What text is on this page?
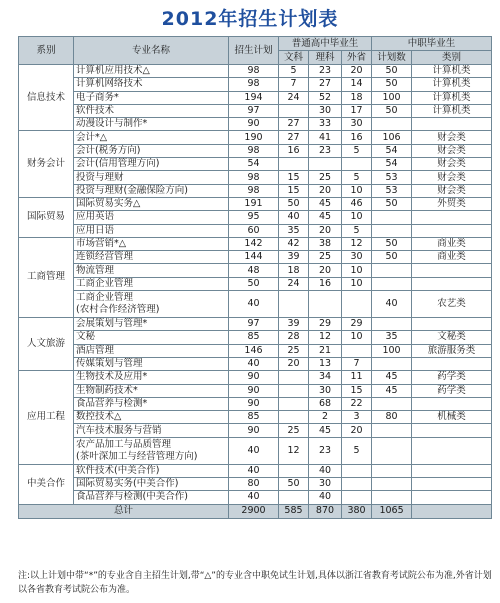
2012年招生计划表
系别	专业名称	招生计划	普通高中毕业生			中职毕业生	
			文科	理科	外省	计划数	类别
信息技术	计算机应用技术△	98	5	23	20	50	计算机类
	计算机网络技术	98	7	27	14	50	计算机类
	电子商务*	194	24	52	18	100	计算机类
	软件技术	97		30	17	50	计算机类
	动漫设计与制作*	90	27	33	30		
财务会计	会计*△	190	27	41	16	106	财会类
	会计(税务方向)	98	16	23	5	54	财会类
	会计(信用管理方向)	54				54	财会类
	投资与理财	98	15	25	5	53	财会类
	投资与理财(金融保险方向)	98	15	20	10	53	财会类
国际贸易	国际贸易实务△	191	50	45	46	50	外贸类
	应用英语	95	40	45	10		
	应用日语	60	35	20	5		
工商管理	市场营销*△	142	42	38	12	50	商业类
	连锁经营管理	144	39	25	30	50	商业类
	物流管理	48	18	20	10		
	工商企业管理	50	24	16	10		
	工商企业管理
(农村合作经济管理)	40				40	农艺类
人文旅游	会展策划与管理*	97	39	29	29		
	文秘	85	28	12	10	35	文秘类
	酒店管理	146	25	21		100	旅游服务类
	传媒策划与管理	40	20	13	7		
应用工程	生物技术及应用*	90		34	11	45	药学类
	生物制药技术*	90		30	15	45	药学类
	食品营养与检测*	90		68	22		
	数控技术△	85		2	3	80	机械类
	汽车技术服务与营销	90	25	45	20		
	农产品加工与品质管理
(茶叶深加工与经营管理方向)	40	12	23	5		
中美合作	软件技术(中美合作)	40		40			
	国际贸易实务(中美合作)	80	50	30			
	食品营养与检测(中美合作)	40		40			
总计		2900	585	870	380	1065	
注:以上计划中带“*”的专业含自主招生计划,带“△”的专业含中职免试生计划,具体以浙江省教育考试院公布为准,外省计划以各省教育考试院公布为准。
